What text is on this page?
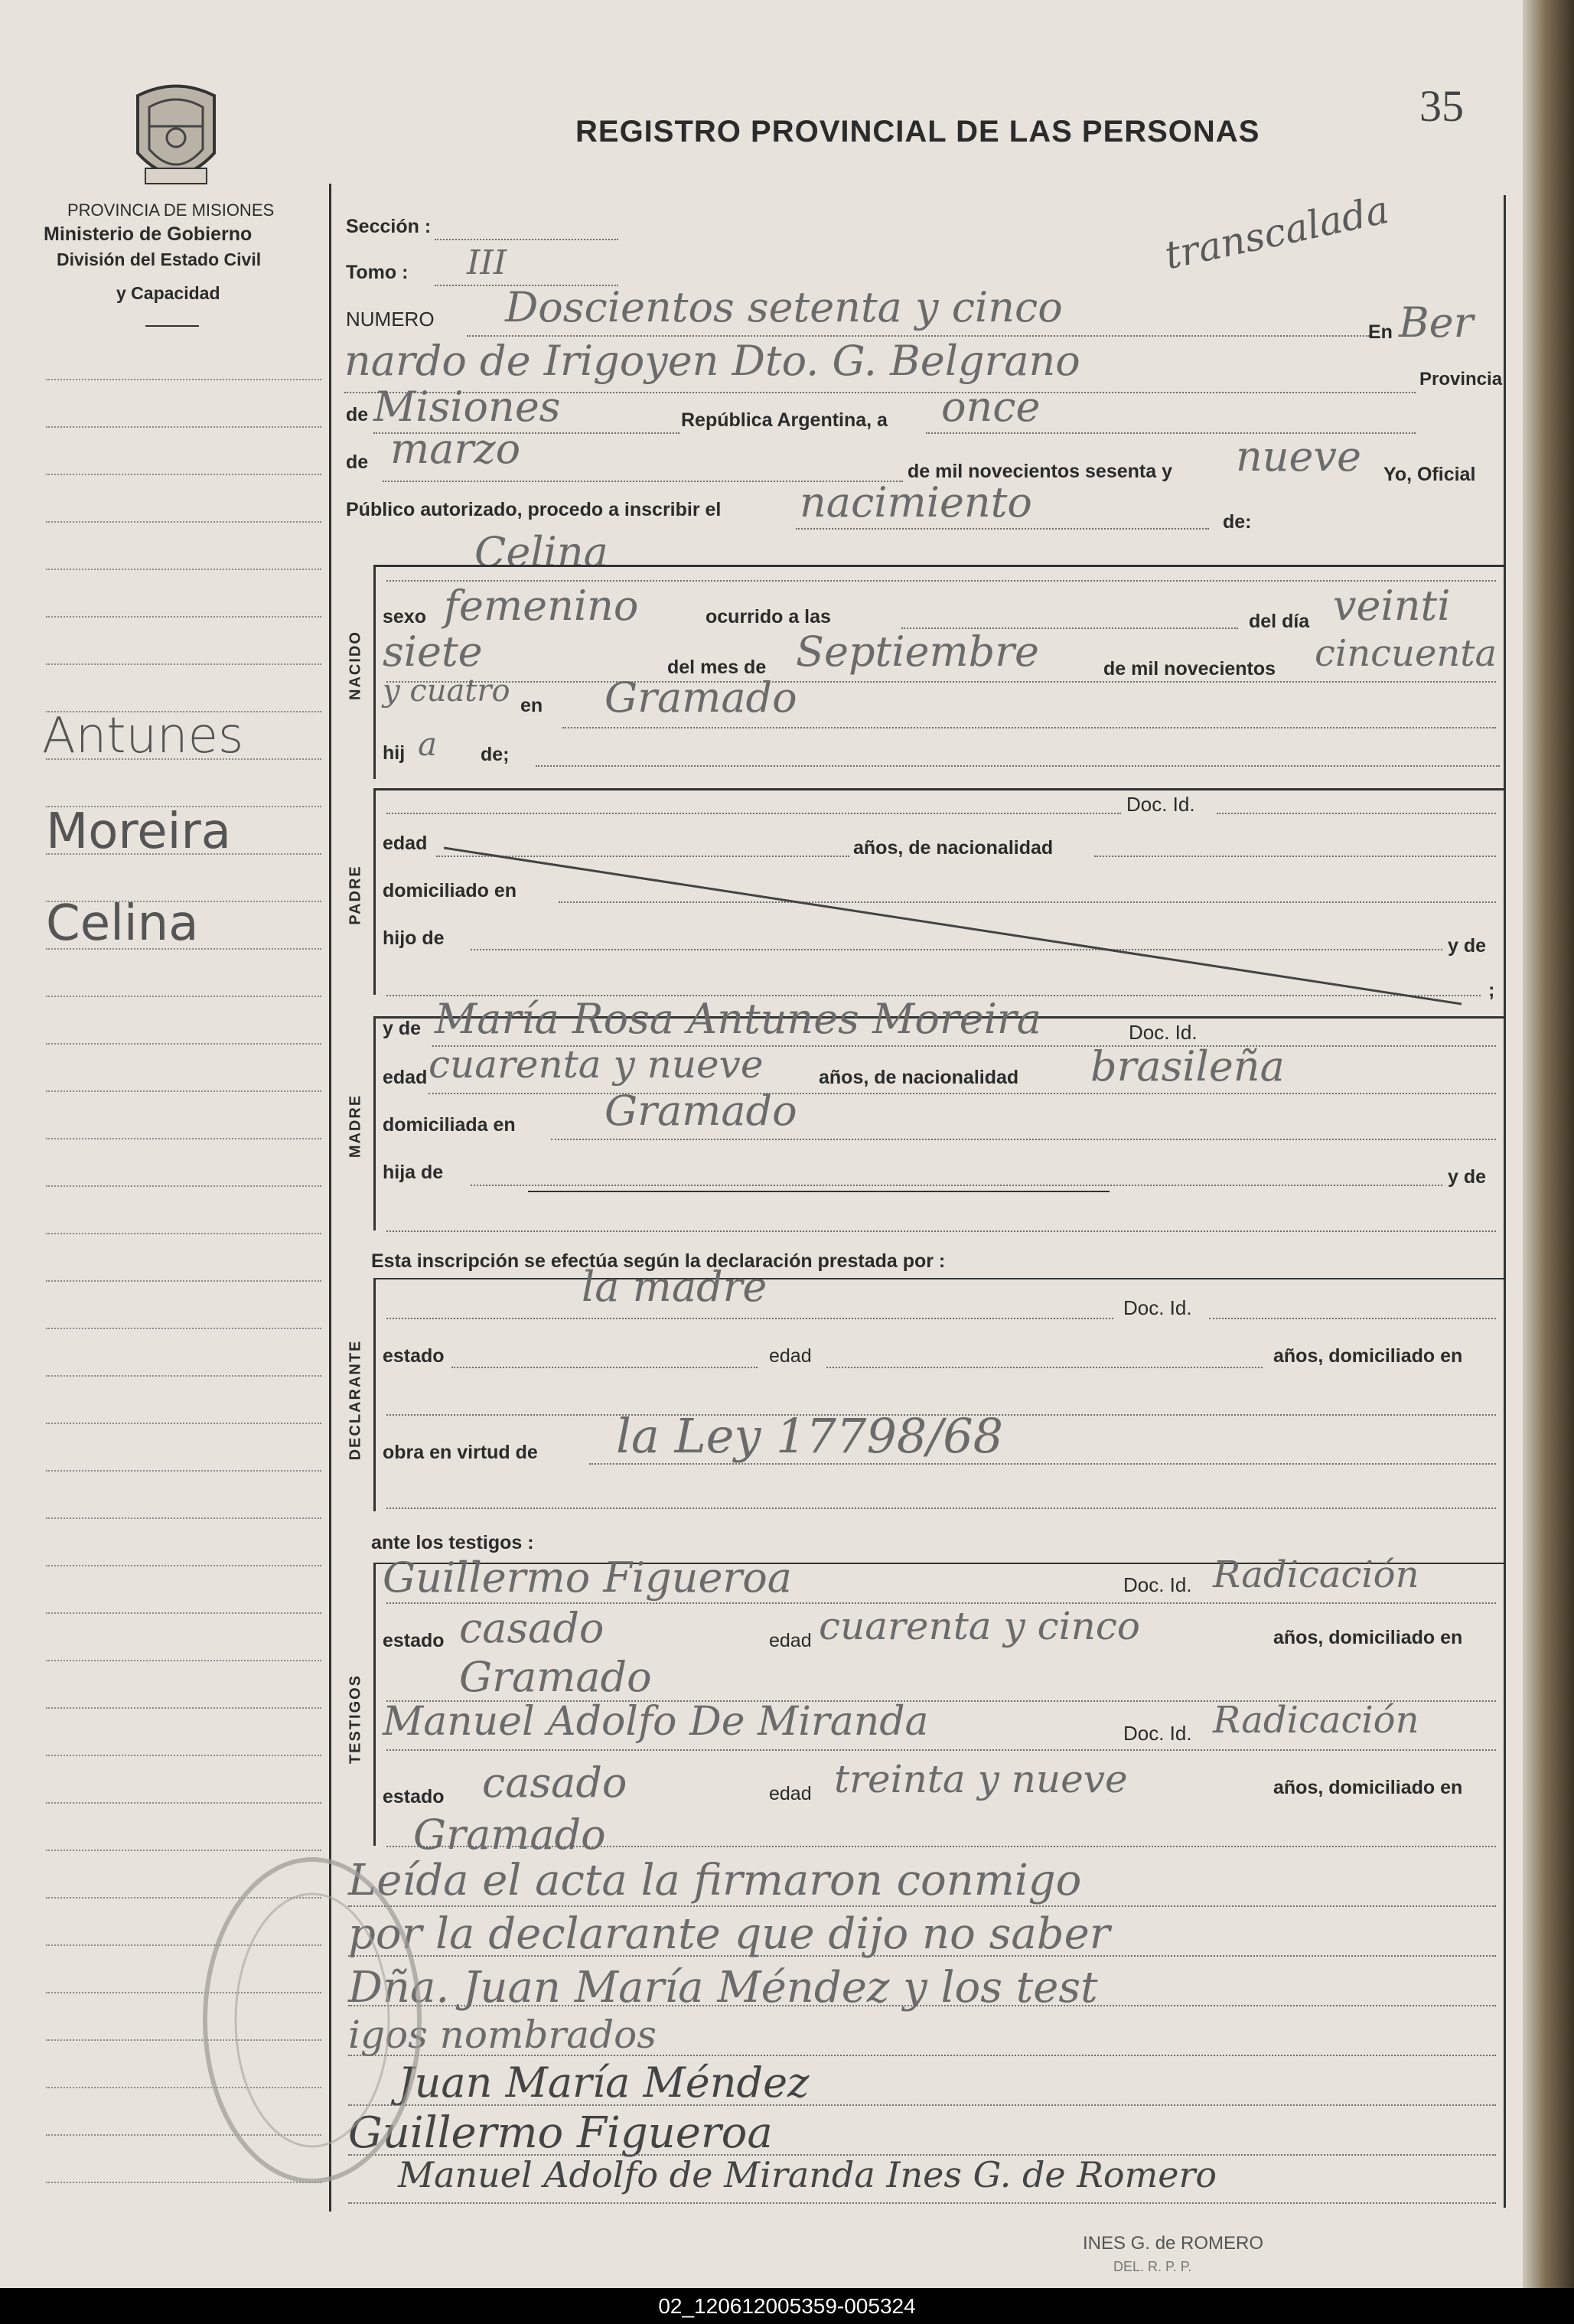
PROVINCIA DE MISIONES
Ministerio de Gobierno
División del Estado Civil
y Capacidad
REGISTRO PROVINCIAL DE LAS PERSONAS
35
transcalada
Sección :
Tomo : III
NUMERO Doscientos setenta y cinco
En Ber
nardo de Irigoyen Dto. G. Belgrano	Provincia
de Misiones	República Argentina, a once
de marzo	de mil novecientos sesenta y nueve Yo, Oficial
Público autorizado, procedo a inscribir el nacimiento	de:
Celina
NACIDO
sexo femenino	ocurrido a las	del día veinti
siete	del mes de Septiembre	de mil novecientos cincuenta
y cuatro en Gramado
hij a de;
PADRE
Doc. Id.
edad	años, de nacionalidad
domiciliado en
hijo de	y de
;
MADRE
y de María Rosa Antunes Moreira	Doc. Id.
edad cuarenta y nueve	años, de nacionalidad brasileña
domiciliada en Gramado
hija de	y de
Esta inscripción se efectúa según la declaración prestada por :
DECLARANTE
la madre	Doc. Id.
estado	edad	años, domiciliado en
obra en virtud de la Ley 17798/68
ante los testigos :
TESTIGOS
Guillermo Figueroa	Doc. Id. Radicación
estado casado	edad cuarenta y cinco	años, domiciliado en
Gramado
Manuel Adolfo De Miranda	Doc. Id. Radicación
estado casado	edad treinta y nueve	años, domiciliado en
Gramado
Leída el acta la firmaron conmigo
por la declarante que dijo no saber
Dña. Juan María Méndez y los test
igos nombrados
Juan María Méndez
Guillermo Figueroa
Manuel Adolfo de Miranda Ines G. de Romero
INES G. de ROMERO
DEL. R. P. P.
Antunes
Moreira
Celina
02_120612005359-005324
